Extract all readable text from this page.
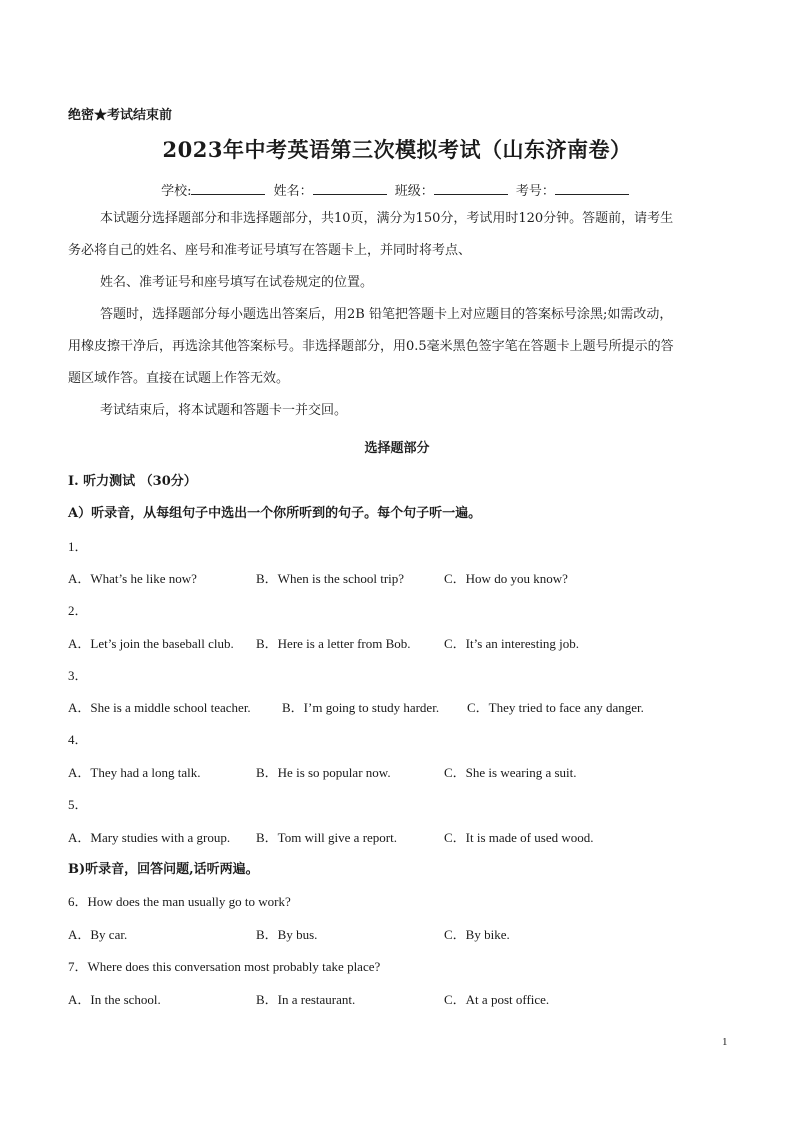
绝密★考试结束前
2023年中考英语第三次模拟考试（山东济南卷）
学校:	姓名：	班级：	考号：

本试题分选择题部分和非选择题部分，共10页，满分为150分，考试用时120分钟。答题前，请考生

务必将自己的姓名、座号和准考证号填写在答题卡上，并同时将考点、

姓名、准考证号和座号填写在试卷规定的位置。

答题时，选择题部分每小题选出答案后，用2B 铅笔把答题卡上对应题目的答案标号涂黑;如需改动，

用橡皮擦干净后，再选涂其他答案标号。非选择题部分，用0.5毫米黑色签字笔在答题卡上题号所提示的答

题区域作答。直接在试题上作答无效。

考试结束后，将本试题和答题卡一并交回。

选择题部分
I. 听力测试 （30分）
A）听录音，从每组句子中选出一个你所听到的句子。每个句子听一遍。
1．
A．What’s he like now?	B．When is the school trip?	C．How do you know?
2．
A．Let’s join the baseball club. B．Here is a letter from Bob.	C．It’s an interesting job.
3．
A．She is a middle school teacher. B．I’m going to study harder. C．They tried to face any danger.
4．
A．They had a long talk.	B．He is so popular now.	C．She is wearing a suit.
5．
A．Mary studies with a group. B．Tom will give a report.	C．It is made of used wood.
B)听录音，回答问题,话听两遍。
6．How does the man usually go to work?
A．By car.	B．By bus.	C．By bike.
7．Where does this conversation most probably take place?
A．In the school.	B．In a restaurant.	C．At a post office.
1
